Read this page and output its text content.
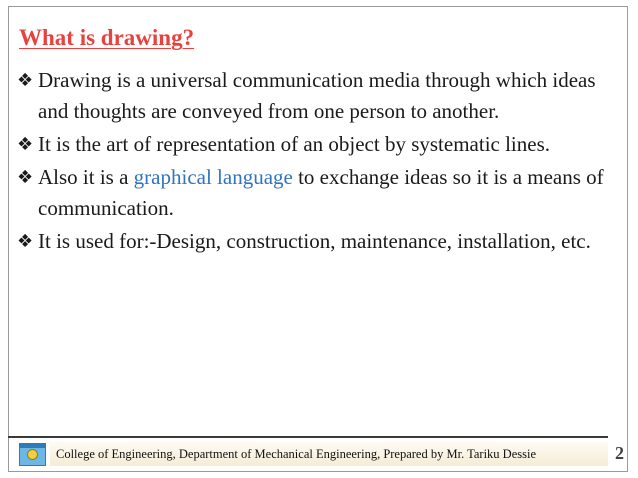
What is drawing?
❖ Drawing is a universal communication media through which ideas and thoughts are conveyed from one person to another.
❖ It is the art of representation of an object by systematic lines.
❖ Also it is a graphical language to exchange ideas so it is a means of communication.
❖ It is used for:-Design, construction, maintenance, installation, etc.
College of Engineering, Department of Mechanical Engineering, Prepared by Mr. Tariku Dessie	2
